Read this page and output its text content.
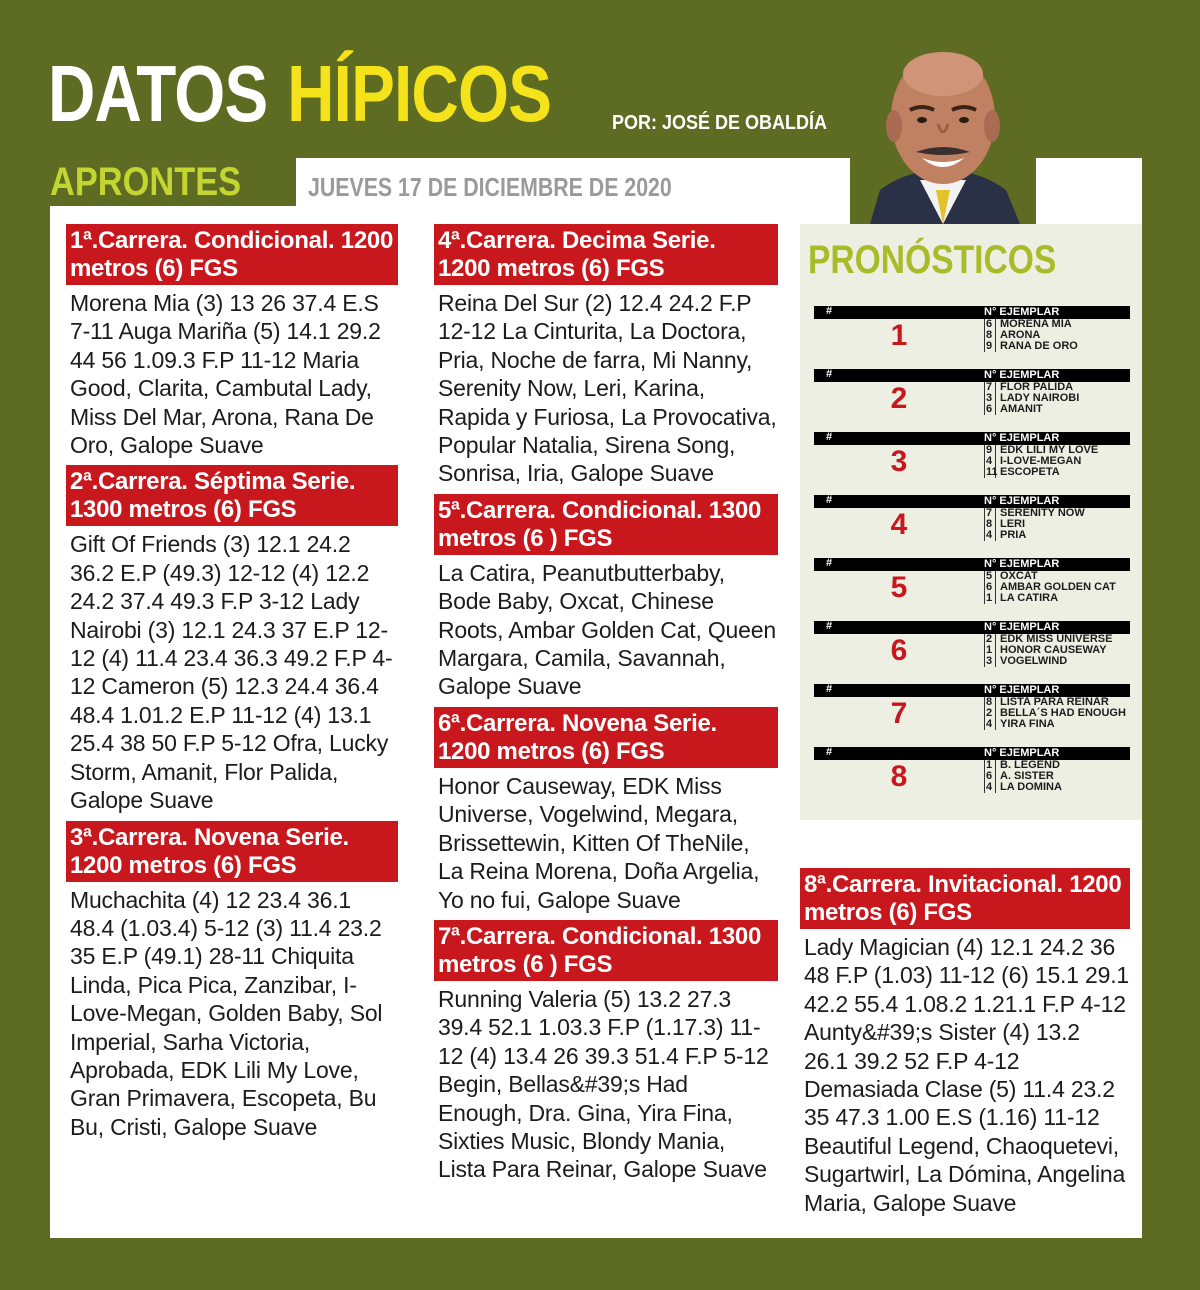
DATOS HÍPICOS	POR: JOSÉ DE OBALDÍA
APRONTES	JUEVES 17 DE DICIEMBRE DE 2020
1ª.Carrera. Condicional. 1200 metros (6) FGS
Morena Mia (3) 13 26 37.4 E.S 7-11 Auga Mariña (5) 14.1 29.2 44 56 1.09.3 F.P 11-12 Maria Good, Clarita, Cambutal Lady, Miss Del Mar, Arona, Rana De Oro, Galope Suave
2ª.Carrera. Séptima Serie. 1300 metros (6) FGS
Gift Of Friends (3) 12.1 24.2 36.2 E.P (49.3) 12-12 (4) 12.2 24.2 37.4 49.3 F.P 3-12 Lady Nairobi (3) 12.1 24.3 37 E.P 12-12 (4) 11.4 23.4 36.3 49.2 F.P 4-12 Cameron (5) 12.3 24.4 36.4 48.4 1.01.2 E.P 11-12 (4) 13.1 25.4 38 50 F.P 5-12 Ofra, Lucky Storm, Amanit, Flor Palida, Galope Suave
3ª.Carrera. Novena Serie. 1200 metros (6) FGS
Muchachita (4) 12 23.4 36.1 48.4 (1.03.4) 5-12 (3) 11.4 23.2 35 E.P (49.1) 28-11 Chiquita Linda, Pica Pica, Zanzibar, I-Love-Megan, Golden Baby, Sol Imperial, Sarha Victoria, Aprobada, EDK Lili My Love, Gran Primavera, Escopeta, Bu Bu, Cristi, Galope Suave
4ª.Carrera. Decima Serie. 1200 metros (6) FGS
Reina Del Sur (2) 12.4 24.2 F.P 12-12 La Cinturita, La Doctora, Pria, Noche de farra, Mi Nanny, Serenity Now, Leri, Karina, Rapida y Furiosa, La Provocativa, Popular Natalia, Sirena Song, Sonrisa, Iria, Galope Suave
5ª.Carrera. Condicional. 1300 metros (6 ) FGS
La Catira, Peanutbutterbaby, Bode Baby, Oxcat, Chinese Roots, Ambar Golden Cat, Queen Margara, Camila, Savannah, Galope Suave
6ª.Carrera. Novena Serie. 1200 metros (6) FGS
Honor Causeway, EDK Miss Universe, Vogelwind, Megara, Brissettewin, Kitten Of TheNile, La Reina Morena, Doña Argelia, Yo no fui, Galope Suave
7ª.Carrera. Condicional. 1300 metros (6 ) FGS
Running Valeria (5) 13.2 27.3 39.4 52.1 1.03.3 F.P (1.17.3) 11-12 (4) 13.4 26 39.3 51.4 F.P 5-12 Begin, Bellas&#39;s Had Enough, Dra. Gina, Yira Fina, Sixties Music, Blondy Mania, Lista Para Reinar, Galope Suave
PRONÓSTICOS
#	N° EJEMPLAR
1	6 MORENA MIA
8 ARONA
9 RANA DE ORO
#	N° EJEMPLAR
2	7 FLOR PALIDA
3 LADY NAIROBI
6 AMANIT
#	N° EJEMPLAR
3	9 EDK LILI MY LOVE
4 I-LOVE-MEGAN
11 ESCOPETA
#	N° EJEMPLAR
4	7 SERENITY NOW
8 LERI
4 PRIA
#	N° EJEMPLAR
5	5 OXCAT
6 AMBAR GOLDEN CAT
1 LA CATIRA
#	N° EJEMPLAR
6	2 EDK MISS UNIVERSE
1 HONOR CAUSEWAY
3 VOGELWIND
#	N° EJEMPLAR
7	8 LISTA PARA REINAR
2 BELLA´S HAD ENOUGH
4 YIRA FINA
#	N° EJEMPLAR
8	1 B. LEGEND
6 A. SISTER
4 LA DOMINA
8ª.Carrera. Invitacional. 1200 metros (6) FGS
Lady Magician (4) 12.1 24.2 36 48 F.P (1.03) 11-12 (6) 15.1 29.1 42.2 55.4 1.08.2 1.21.1 F.P 4-12 Aunty&#39;s Sister (4) 13.2 26.1 39.2 52 F.P 4-12 Demasiada Clase (5) 11.4 23.2 35 47.3 1.00 E.S (1.16) 11-12 Beautiful Legend, Chaoquetevi, Sugartwirl, La Dómina, Angelina Maria, Galope Suave
